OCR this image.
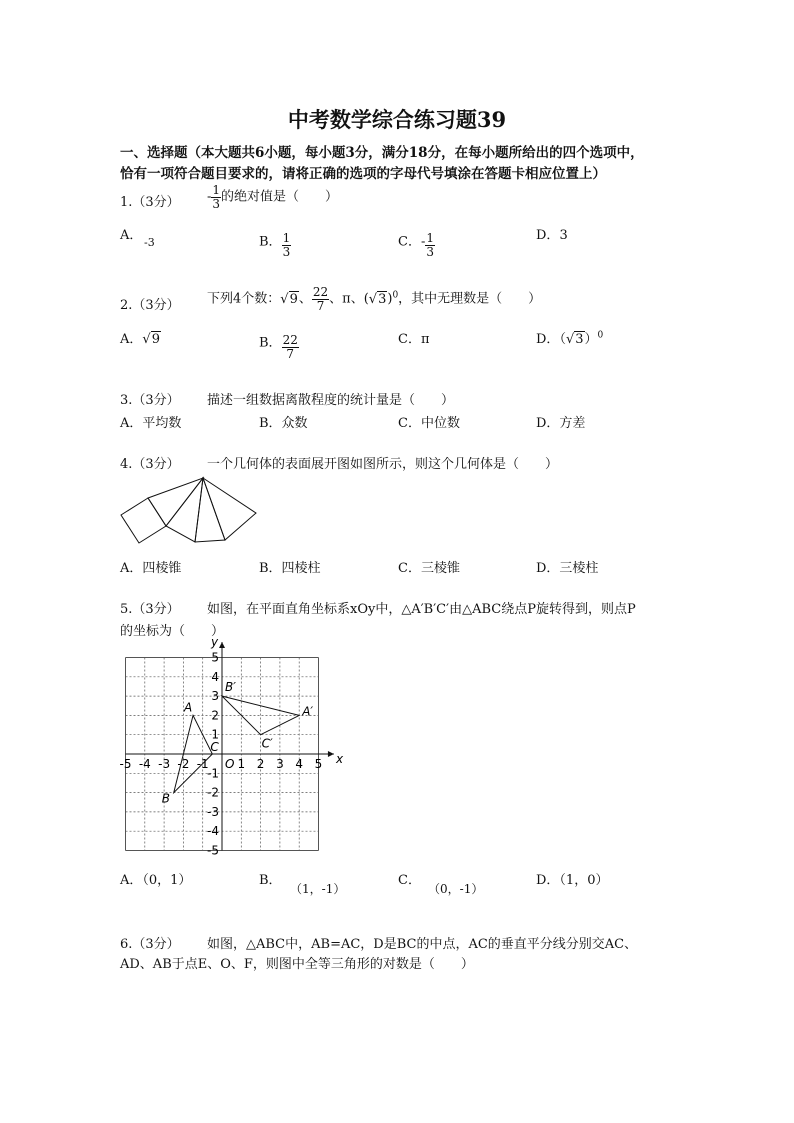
中考数学综合练习题39
一、选择题（本大题共6小题，每小题3分，满分18分，在每小题所给出的四个选项中，
恰有一项符合题目要求的，请将正确的选项的字母代号填涂在答题卡相应位置上）
1.（3分） - $\frac{1}{3}$ 的绝对值是（　　）
A． -3	B． $\frac{1}{3}$	C．- $\frac{1}{3}$	D．3
2.（3分） 下列4个数：√9、 $\frac{22}{7}$ 、π、$(√3)^0$，其中无理数是（　　）
A．√9	B． $\frac{22}{7}$	C．π	D．$(√3)^0$
3.（3分） 描述一组数据离散程度的统计量是（　　）
A．平均数	B．众数	C．中位数	D．方差
4.（3分） 一个几何体的表面展开图如图所示，则这个几何体是（　　）
A．四棱锥	B．四棱柱	C．三棱锥	D．三棱柱
5.（3分） 如图，在平面直角坐标系xOy中，△A′B′C′由△ABC绕点P旋转得到，则点P
的坐标为（　　）
x
y
-5 -4 -3 -2 -1 1 2 3 4 5
5
4
3
2
1
-1
-2
-3
-4
-5
O
A
B
C
A′
B′
C′
A．（0，1）	B．
（1，-1）
C．
（0，-1）
D．（1，0）
6.（3分） 如图，△ABC中，AB=AC，D是BC的中点，AC的垂直平分线分别交AC、
AD、AB于点E、O、F，则图中全等三角形的对数是（　　）
